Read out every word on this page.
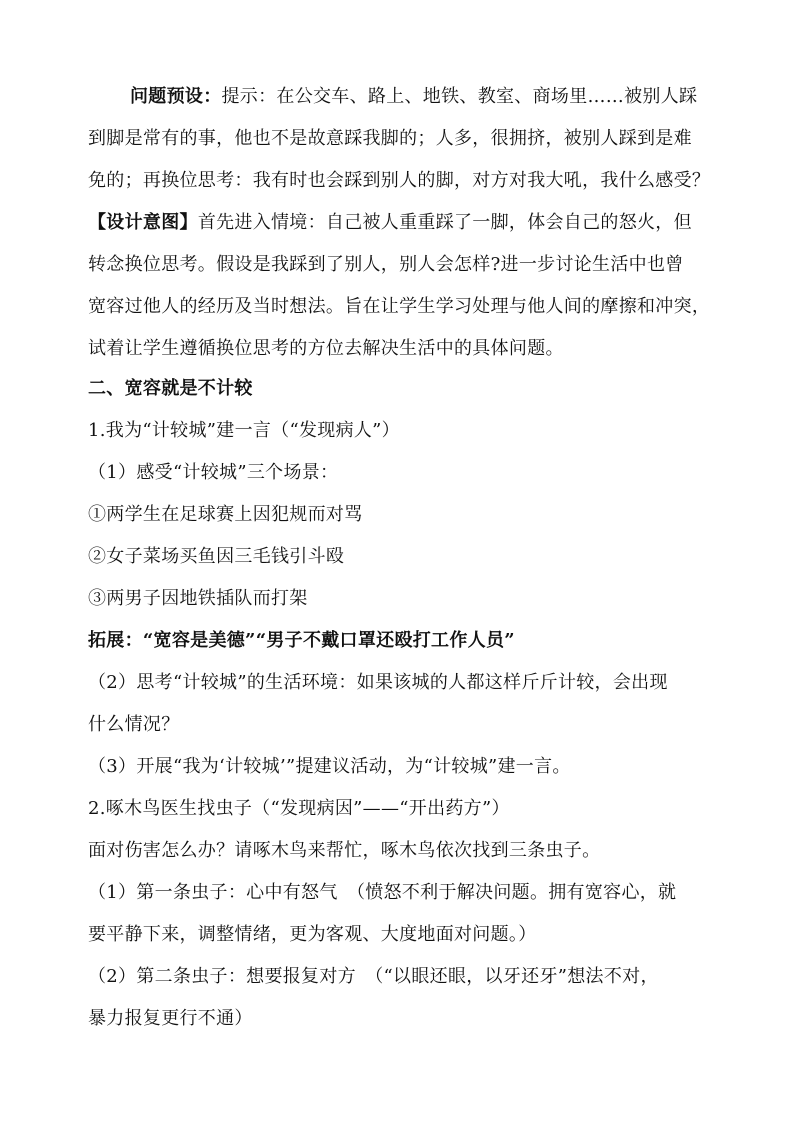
问题预设：提示：在公交车、路上、地铁、教室、商场里……被别人踩
到脚是常有的事，他也不是故意踩我脚的；人多，很拥挤，被别人踩到是难
免的；再换位思考：我有时也会踩到别人的脚，对方对我大吼，我什么感受？
【设计意图】首先进入情境：自己被人重重踩了一脚，体会自己的怒火，但
转念换位思考。假设是我踩到了别人，别人会怎样?进一步讨论生活中也曾
宽容过他人的经历及当时想法。旨在让学生学习处理与他人间的摩擦和冲突，
试着让学生遵循换位思考的方位去解决生活中的具体问题。
二、宽容就是不计较
1.我为“计较城”建一言（“发现病人”）
（1）感受“计较城”三个场景：
①两学生在足球赛上因犯规而对骂
②女子菜场买鱼因三毛钱引斗殴
③两男子因地铁插队而打架
拓展：“宽容是美德”“男子不戴口罩还殴打工作人员”
（2）思考“计较城”的生活环境：如果该城的人都这样斤斤计较，会出现
什么情况？
（3）开展“我为‘计较城’”提建议活动，为“计较城”建一言。
2.啄木鸟医生找虫子（“发现病因”——“开出药方”）
面对伤害怎么办？请啄木鸟来帮忙，啄木鸟依次找到三条虫子。
（1）第一条虫子：心中有怒气　（愤怒不利于解决问题。拥有宽容心，就
要平静下来，调整情绪，更为客观、大度地面对问题。）
（2）第二条虫子：想要报复对方　（“以眼还眼，以牙还牙”想法不对，
暴力报复更行不通）
